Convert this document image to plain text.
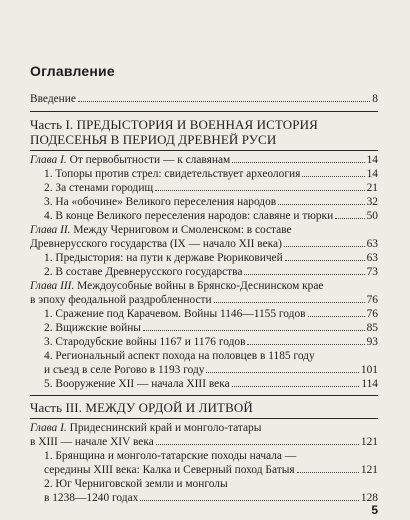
Оглавление
Введение	8
Часть I. ПРЕДЫСТОРИЯ И ВОЕННАЯ ИСТОРИЯ
ПОДЕСЕНЬЯ В ПЕРИОД ДРЕВНЕЙ РУСИ
Глава I.
От первобытности — к славянам	14
1. Топоры против стрел: свидетельствует археология	14
2. За стенами городищ	21
3. На «обочине» Великого переселения народов	32
4. В конце Великого переселения народов: славяне и тюрки	50
Глава II. Между Черниговом и Смоленском: в составе
Древнерусского государства (IX — начало XII века)	63
1. Предыстория: на пути к державе Рюриковичей	63
2. В составе Древнерусского государства	73
Глава III. Междоусобные войны в Брянско-Деснинском крае
в эпоху феодальной раздробленности	76
1. Сражение под Карачевом. Войны 1146—1155 годов	76
2. Вщижские войны	85
3. Стародубские войны 1167 и 1176 годов	93
4. Региональный аспект похода на половцев в 1185 году
и съезд в селе Рогово в 1193 году	101
5. Вооружение XII — начала XIII века	114
Часть III. МЕЖДУ ОРДОЙ И ЛИТВОЙ
Глава I. Придеснинский край и монголо-татары
в XIII — начале XIV века	121
1. Брянщина и монголо-татарские походы начала —
середины XIII века: Калка и Северный поход Батыя	121
2. Юг Черниговской земли и монголы
в 1238—1240 годах	128
5
